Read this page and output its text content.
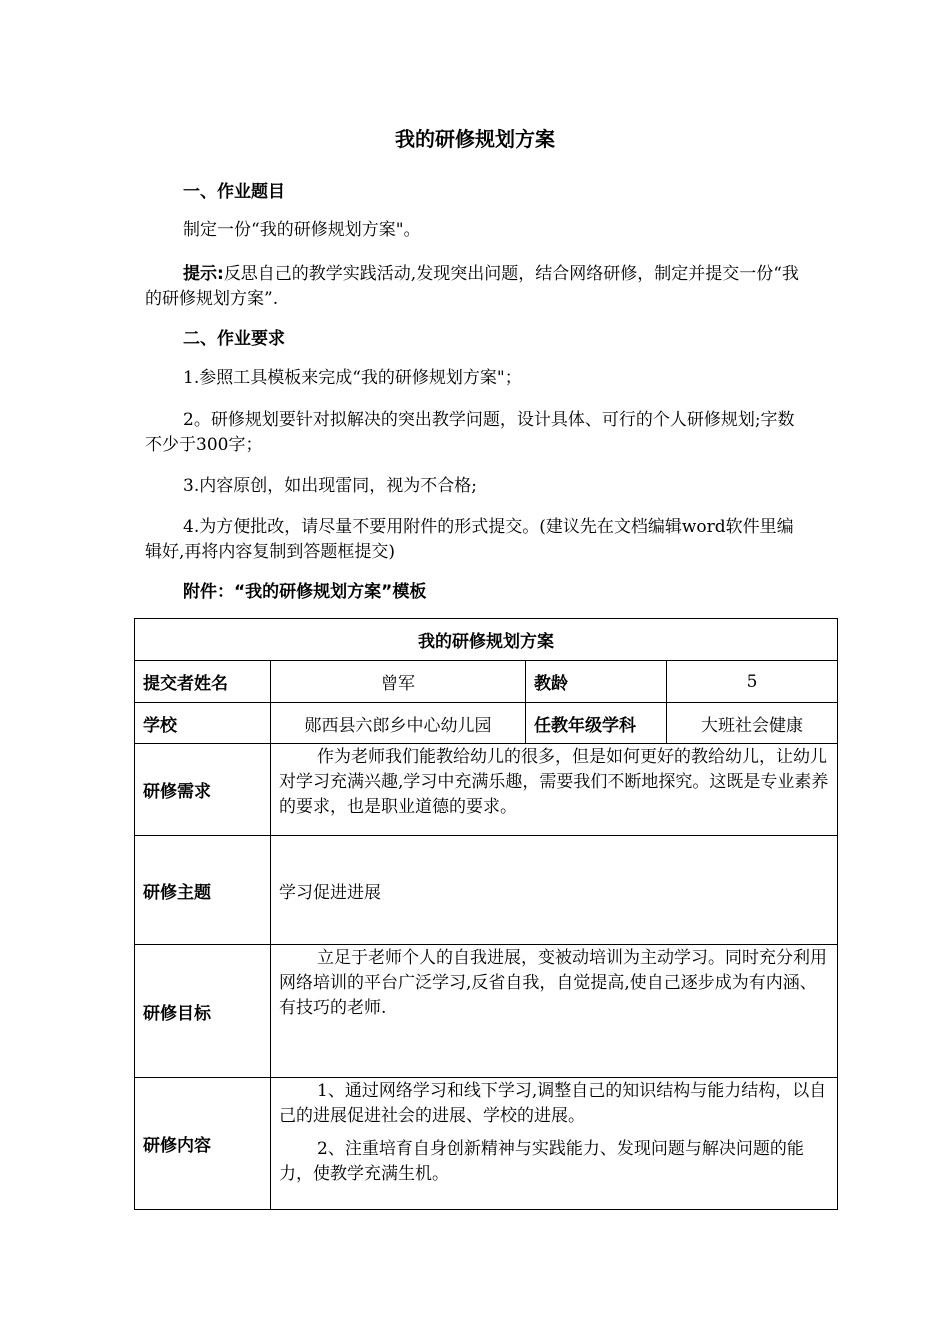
我的研修规划方案
一、作业题目
制定一份“我的研修规划方案"。
提示:反思自己的教学实践活动,发现突出问题，结合网络研修，制定并提交一份“我的研修规划方案”.
二、作业要求
1.参照工具模板来完成“我的研修规划方案"；
2。研修规划要针对拟解决的突出教学问题，设计具体、可行的个人研修规划;字数不少于300字；
3.内容原创，如出现雷同，视为不合格;
4.为方便批改，请尽量不要用附件的形式提交。(建议先在文档编辑word软件里编辑好,再将内容复制到答题框提交)
附件：“我的研修规划方案”模板
我的研修规划方案			
提交者姓名	曾军	教龄	5
学校	郧西县六郎乡中心幼儿园	任教年级学科	大班社会健康
研修需求	作为老师我们能教给幼儿的很多，但是如何更好的教给幼儿，让幼儿对学习充满兴趣,学习中充满乐趣，需要我们不断地探究。这既是专业素养的要求，也是职业道德的要求。		

研修主题	学习促进进展		
研修目标	立足于老师个人的自我进展，变被动培训为主动学习。同时充分利用网络培训的平台广泛学习,反省自我，自觉提高,使自己逐步成为有内涵、有技巧的老师.		

研修内容	1、通过网络学习和线下学习,调整自己的知识结构与能力结构，以自己的进展促进社会的进展、学校的进展。

2、注重培育自身创新精神与实践能力、发现问题与解决问题的能力，使教学充满生机。		
